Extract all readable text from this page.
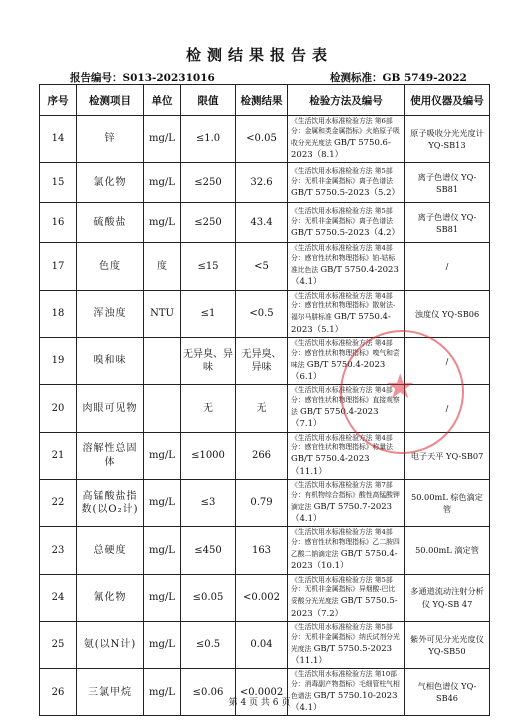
检测结果报告表
报告编号：S013-20231016	检测标准：GB 5749-2022
序号	检测项目	单位	限值	检测结果	检验方法及编号	使用仪器及编号
14	锌	mg/L	≤1.0	<0.05	《生活饮用水标准检验方法 第6部分：金属和类金属指标》火焰原子吸收分光光度法 GB/T 5750.6-2023（8.1）	原子吸收分光光度计 YQ-SB13
15	氯化物	mg/L	≤250	32.6	《生活饮用水标准检验方法 第5部分：无机非金属指标》离子色谱法 GB/T 5750.5-2023（5.2）	离子色谱仪 YQ-SB81
16	硫酸盐	mg/L	≤250	43.4	《生活饮用水标准检验方法 第5部分：无机非金属指标》离子色谱法 GB/T 5750.5-2023（4.2）	离子色谱仪 YQ-SB81
17	色度	度	≤15	<5	《生活饮用水标准检验方法 第4部分：感官性状和物理指标》铂-钴标准比色法 GB/T 5750.4-2023（4.1）	/
18	浑浊度	NTU	≤1	<0.5	《生活饮用水标准检验方法 第4部分：感官性状和物理指标》散射法-福尔马肼标准 GB/T 5750.4-2023（5.1）	浊度仪 YQ-SB06
19	嗅和味		无异臭、异味	无异臭、异味	《生活饮用水标准检验方法 第4部分：感官性状和物理指标》嗅气和尝味法 GB/T 5750.4-2023（6.1）	/
20	肉眼可见物		无	无	《生活饮用水标准检验方法 第4部分：感官性状和物理指标》直接观察法 GB/T 5750.4-2023（7.1）	/
21	溶解性总固体	mg/L	≤1000	266	《生活饮用水标准检验方法 第4部分：感官性状和物理指标》称量法 GB/T 5750.4-2023（11.1）	电子天平 YQ-SB07
22	高锰酸盐指数(以O₂计)	mg/L	≤3	0.79	《生活饮用水标准检验方法 第7部分：有机物综合指标》酸性高锰酸钾滴定法 GB/T 5750.7-2023（4.1）	50.00mL 棕色滴定管
23	总硬度	mg/L	≤450	163	《生活饮用水标准检验方法 第4部分：感官性状和物理指标》乙二胺四乙酸二钠滴定法 GB/T 5750.4-2023（10.1）	50.00mL 滴定管
24	氰化物	mg/L	≤0.05	<0.002	《生活饮用水标准检验方法 第5部分：无机非金属指标》异烟酸-巴比妥酸分光光度法 GB/T 5750.5-2023（7.2）	多通道流动注射分析仪 YQ-SB 47
25	氨(以N计)	mg/L	≤0.5	0.04	《生活饮用水标准检验方法 第5部分：无机非金属指标》纳氏试剂分光光度法 GB/T 5750.5-2023（11.1）	紫外可见分光光度仪 YQ-SB50
26	三氯甲烷	mg/L	≤0.06	<0.0002	《生活饮用水标准检验方法 第10部分：消毒副产物指标》毛细管柱气相色谱法 GB/T 5750.10-2023（4.1）	气相色谱仪 YQ-SB46
★
第 4 页 共 6 页
